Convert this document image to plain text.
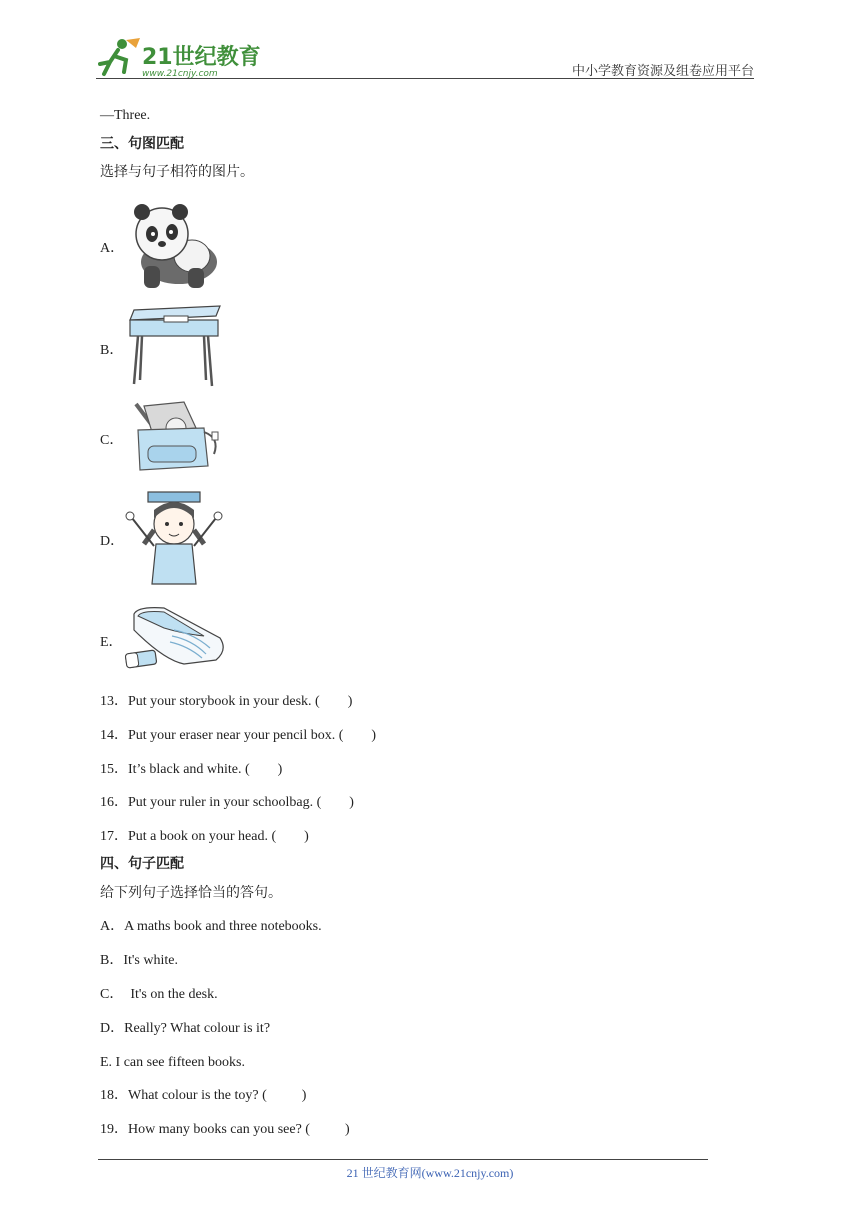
21世纪教育
www.21cnjy.com	中小学教育资源及组卷应用平台
—Three.
三、句图匹配
选择与句子相符的图片。
A．
B．
C．
D．
E．
13．Put your storybook in your desk. (        )
14．Put your eraser near your pencil box. (        )
15．It’s black and white. (        )
16．Put your ruler in your schoolbag. (        )
17．Put a book on your head. (        )
四、句子匹配
给下列句子选择恰当的答句。
A．A maths book and three notebooks.
B．It's white.
C．  It's on the desk.
D．Really? What colour is it?
E. I can see fifteen books.
18．What colour is the toy? (          )
19．How many books can you see? (          )
21 世纪教育网(www.21cnjy.com)
